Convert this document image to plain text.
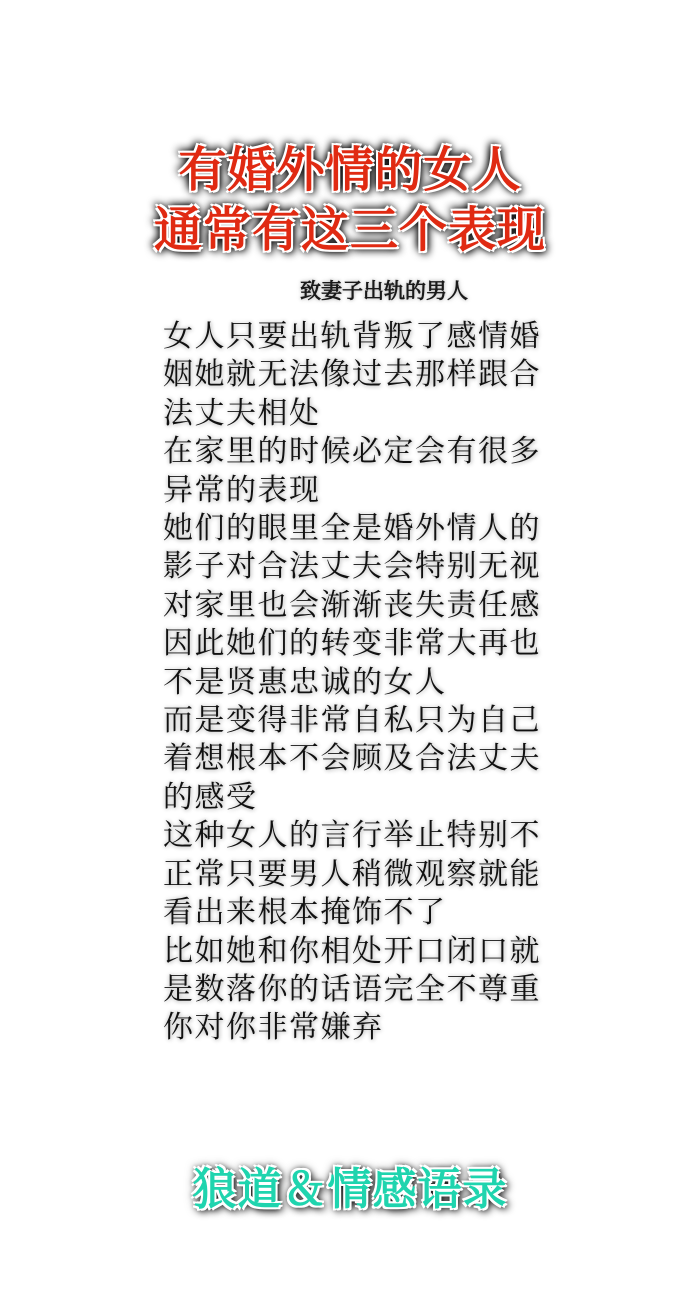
有婚外情的女人
通常有这三个表现
致妻子出轨的男人
女人只要出轨背叛了感情婚
姻她就无法像过去那样跟合
法丈夫相处
在家里的时候必定会有很多
异常的表现
她们的眼里全是婚外情人的
影子对合法丈夫会特别无视
对家里也会渐渐丧失责任感
因此她们的转变非常大再也
不是贤惠忠诚的女人
而是变得非常自私只为自己
着想根本不会顾及合法丈夫
的感受
这种女人的言行举止特别不
正常只要男人稍微观察就能
看出来根本掩饰不了
比如她和你相处开口闭口就
是数落你的话语完全不尊重
你对你非常嫌弃
狼道＆情感语录
